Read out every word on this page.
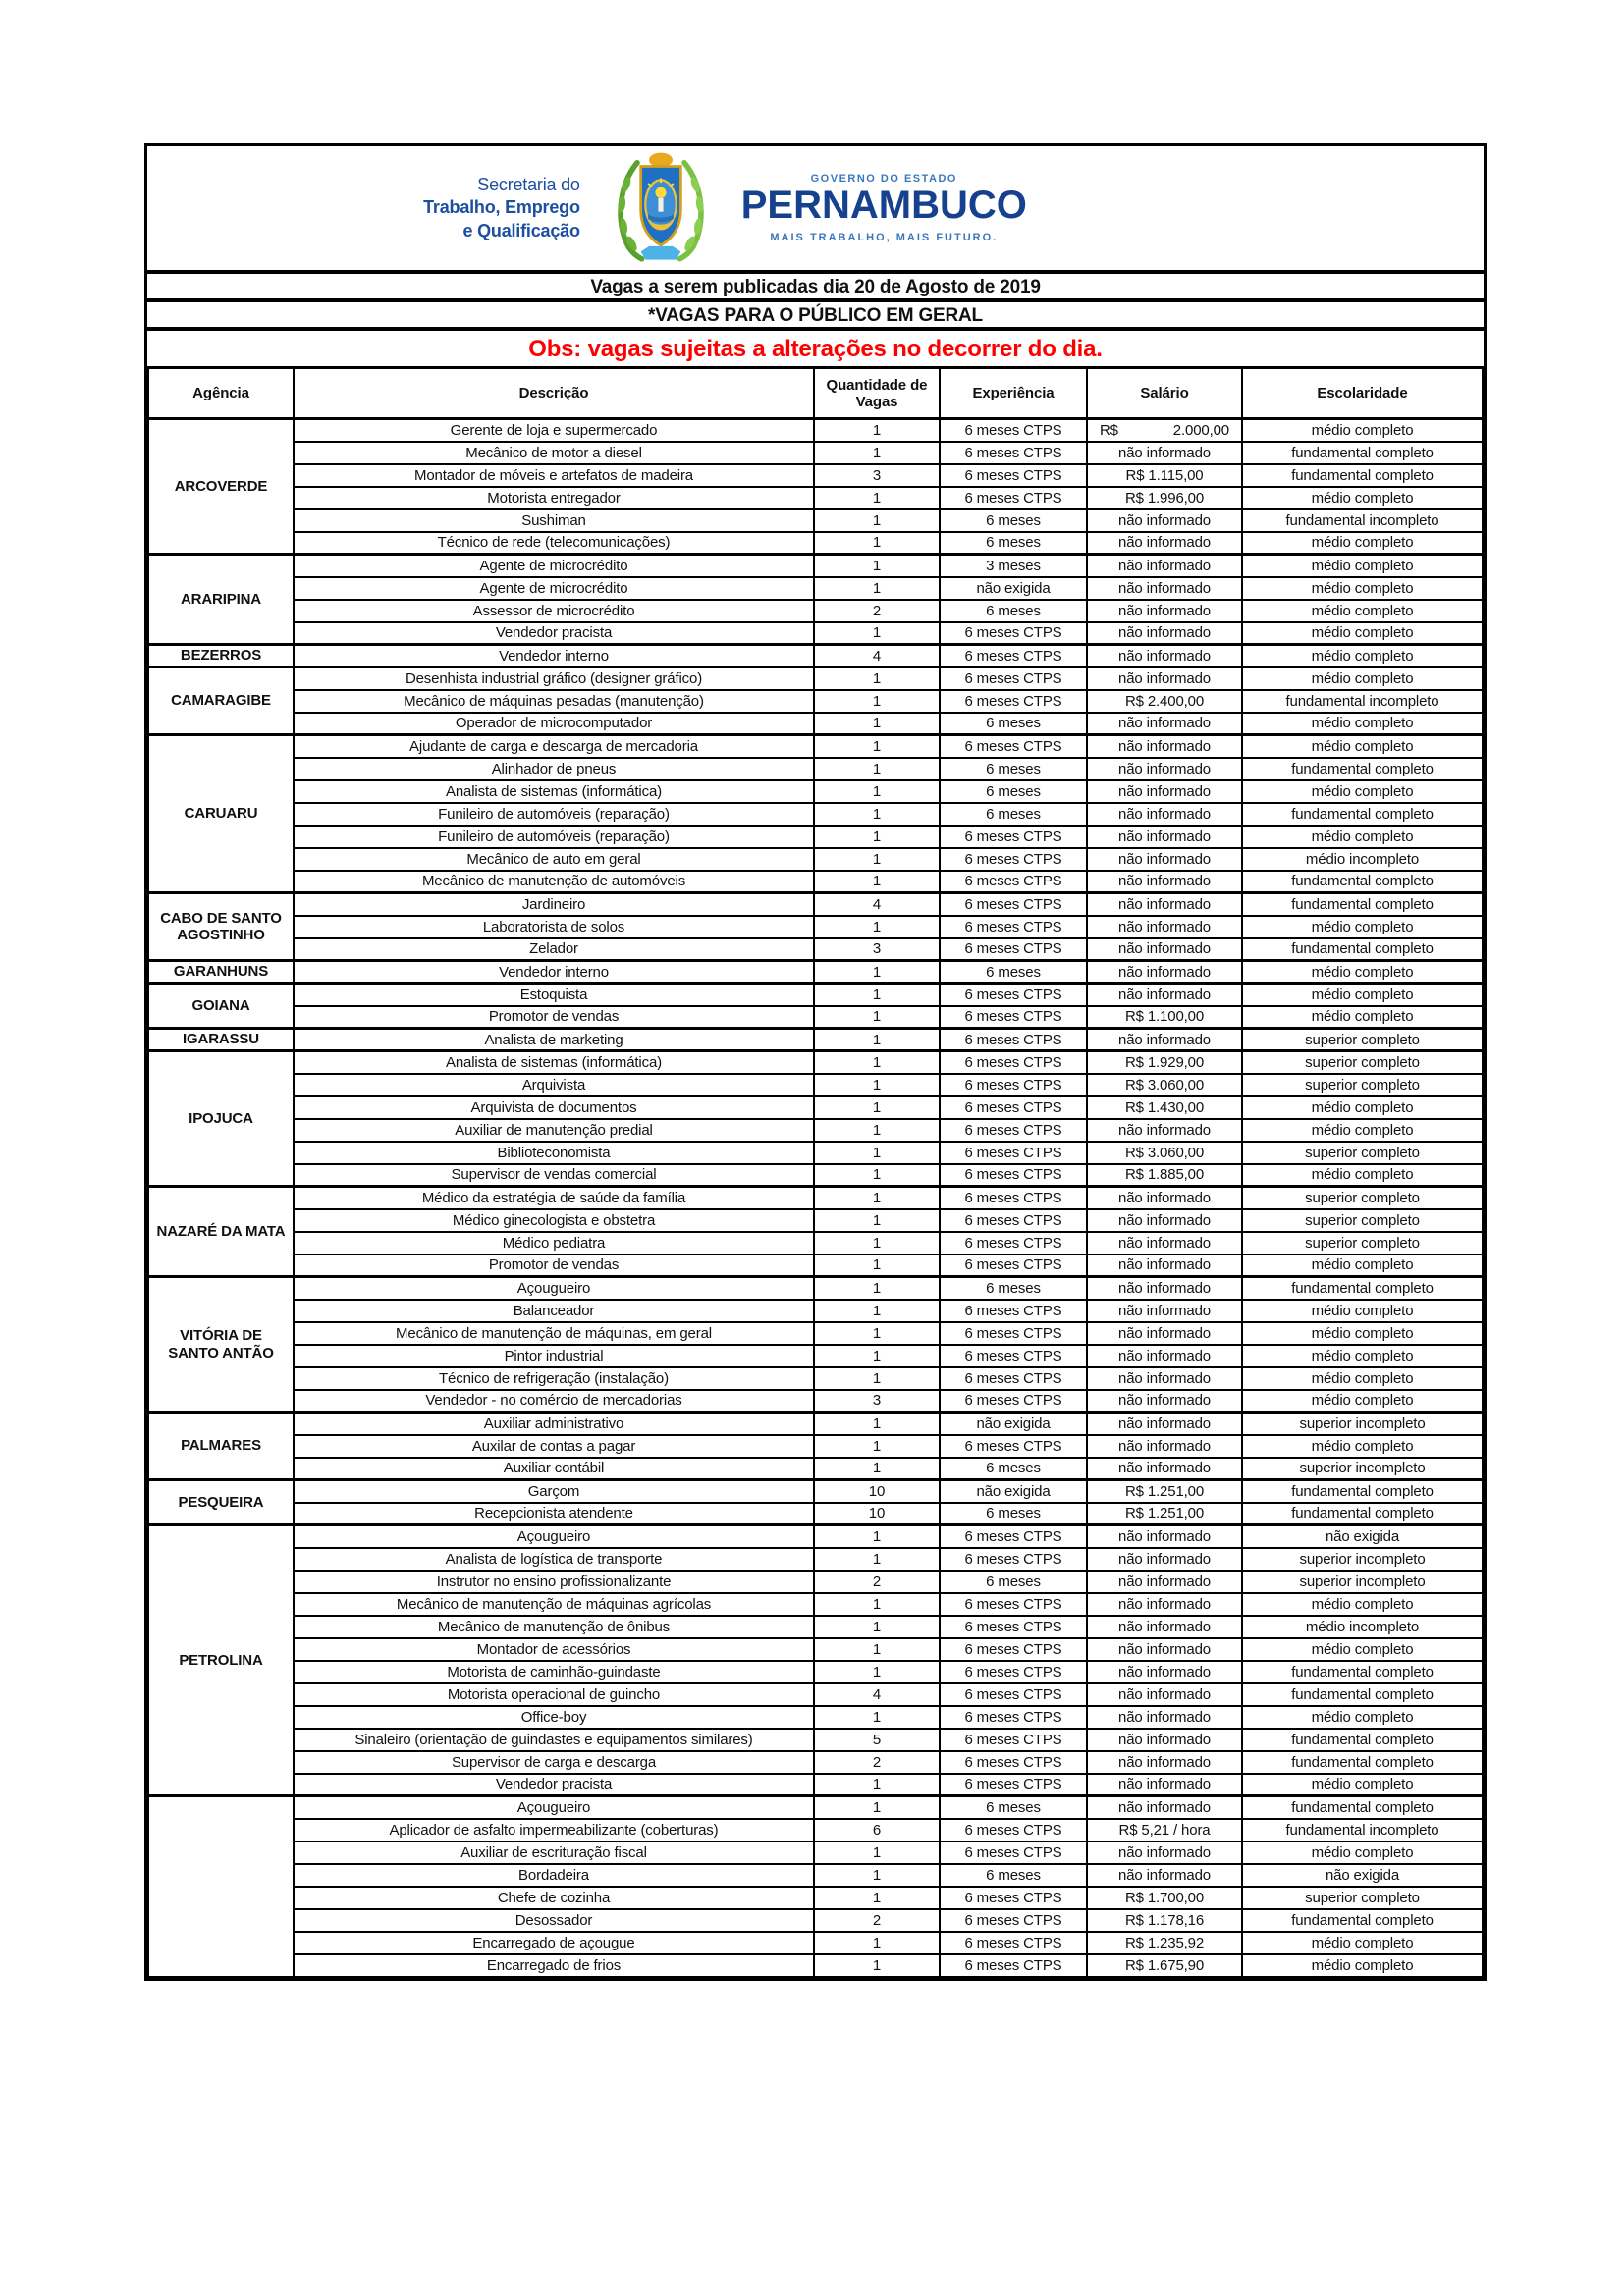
Secretaria do
Trabalho, Emprego
e Qualificação
GOVERNO DO ESTADO
PERNAMBUCO
MAIS TRABALHO, MAIS FUTURO.
Vagas a serem publicadas dia 20 de Agosto de 2019
*VAGAS PARA O PÚBLICO EM GERAL
Obs: vagas sujeitas a alterações no decorrer do dia.
Agência	Descrição	Quantidade de Vagas	Experiência	Salário	Escolaridade
ARCOVERDE	Gerente de loja e supermercado	1	6 meses CTPS	R$ 2.000,00	médio completo
	Mecânico de motor a diesel	1	6 meses CTPS	não informado	fundamental completo
	Montador de móveis e artefatos de madeira	3	6 meses CTPS	R$ 1.115,00	fundamental completo
	Motorista entregador	1	6 meses CTPS	R$ 1.996,00	médio completo
	Sushiman	1	6 meses	não informado	fundamental incompleto
	Técnico de rede (telecomunicações)	1	6 meses	não informado	médio completo
ARARIPINA	Agente de microcrédito	1	3 meses	não informado	médio completo
	Agente de microcrédito	1	não exigida	não informado	médio completo
	Assessor de microcrédito	2	6 meses	não informado	médio completo
	Vendedor pracista	1	6 meses CTPS	não informado	médio completo
BEZERROS	Vendedor interno	4	6 meses CTPS	não informado	médio completo
CAMARAGIBE	Desenhista industrial gráfico (designer gráfico)	1	6 meses CTPS	não informado	médio completo
	Mecânico de máquinas pesadas (manutenção)	1	6 meses CTPS	R$ 2.400,00	fundamental incompleto
	Operador de microcomputador	1	6 meses	não informado	médio completo
CARUARU	Ajudante de carga e descarga de mercadoria	1	6 meses CTPS	não informado	médio completo
	Alinhador de pneus	1	6 meses	não informado	fundamental completo
	Analista de sistemas (informática)	1	6 meses	não informado	médio completo
	Funileiro de automóveis (reparação)	1	6 meses	não informado	fundamental completo
	Funileiro de automóveis (reparação)	1	6 meses CTPS	não informado	médio completo
	Mecânico de auto em geral	1	6 meses CTPS	não informado	médio incompleto
	Mecânico de manutenção de automóveis	1	6 meses CTPS	não informado	fundamental completo
CABO DE SANTO AGOSTINHO	Jardineiro	4	6 meses CTPS	não informado	fundamental completo
	Laboratorista de solos	1	6 meses CTPS	não informado	médio completo
	Zelador	3	6 meses CTPS	não informado	fundamental completo
GARANHUNS	Vendedor interno	1	6 meses	não informado	médio completo
GOIANA	Estoquista	1	6 meses CTPS	não informado	médio completo
	Promotor de vendas	1	6 meses CTPS	R$ 1.100,00	médio completo
IGARASSU	Analista de marketing	1	6 meses CTPS	não informado	superior completo
IPOJUCA	Analista de sistemas (informática)	1	6 meses CTPS	R$ 1.929,00	superior completo
	Arquivista	1	6 meses CTPS	R$ 3.060,00	superior completo
	Arquivista de documentos	1	6 meses CTPS	R$ 1.430,00	médio completo
	Auxiliar de manutenção predial	1	6 meses CTPS	não informado	médio completo
	Biblioteconomista	1	6 meses CTPS	R$ 3.060,00	superior completo
	Supervisor de vendas comercial	1	6 meses CTPS	R$ 1.885,00	médio completo
NAZARÉ DA MATA	Médico da estratégia de saúde da família	1	6 meses CTPS	não informado	superior completo
	Médico ginecologista e obstetra	1	6 meses CTPS	não informado	superior completo
	Médico pediatra	1	6 meses CTPS	não informado	superior completo
	Promotor de vendas	1	6 meses CTPS	não informado	médio completo
VITÓRIA DE SANTO ANTÃO	Açougueiro	1	6 meses	não informado	fundamental completo
	Balanceador	1	6 meses CTPS	não informado	médio completo
	Mecânico de manutenção de máquinas, em geral	1	6 meses CTPS	não informado	médio completo
	Pintor industrial	1	6 meses CTPS	não informado	médio completo
	Técnico de refrigeração (instalação)	1	6 meses CTPS	não informado	médio completo
	Vendedor - no comércio de mercadorias	3	6 meses CTPS	não informado	médio completo
PALMARES	Auxiliar administrativo	1	não exigida	não informado	superior incompleto
	Auxilar de contas a pagar	1	6 meses CTPS	não informado	médio completo
	Auxiliar contábil	1	6 meses	não informado	superior incompleto
PESQUEIRA	Garçom	10	não exigida	R$ 1.251,00	fundamental completo
	Recepcionista atendente	10	6 meses	R$ 1.251,00	fundamental completo
PETROLINA	Açougueiro	1	6 meses CTPS	não informado	não exigida
	Analista de logística de transporte	1	6 meses CTPS	não informado	superior incompleto
	Instrutor no ensino profissionalizante	2	6 meses	não informado	superior incompleto
	Mecânico de manutenção de máquinas agrícolas	1	6 meses CTPS	não informado	médio completo
	Mecânico de manutenção de ônibus	1	6 meses CTPS	não informado	médio incompleto
	Montador de acessórios	1	6 meses CTPS	não informado	médio completo
	Motorista de caminhão-guindaste	1	6 meses CTPS	não informado	fundamental completo
	Motorista operacional de guincho	4	6 meses CTPS	não informado	fundamental completo
	Office-boy	1	6 meses CTPS	não informado	médio completo
	Sinaleiro (orientação de guindastes e equipamentos similares)	5	6 meses CTPS	não informado	fundamental completo
	Supervisor de carga e descarga	2	6 meses CTPS	não informado	fundamental completo
	Vendedor pracista	1	6 meses CTPS	não informado	médio completo
	Açougueiro	1	6 meses	não informado	fundamental completo
	Aplicador de asfalto impermeabilizante (coberturas)	6	6 meses CTPS	R$ 5,21 / hora	fundamental incompleto
	Auxiliar de escrituração fiscal	1	6 meses CTPS	não informado	médio completo
	Bordadeira	1	6 meses	não informado	não exigida
	Chefe de cozinha	1	6 meses CTPS	R$ 1.700,00	superior completo
	Desossador	2	6 meses CTPS	R$ 1.178,16	fundamental completo
	Encarregado de açougue	1	6 meses CTPS	R$ 1.235,92	médio completo
	Encarregado de frios	1	6 meses CTPS	R$ 1.675,90	médio completo
